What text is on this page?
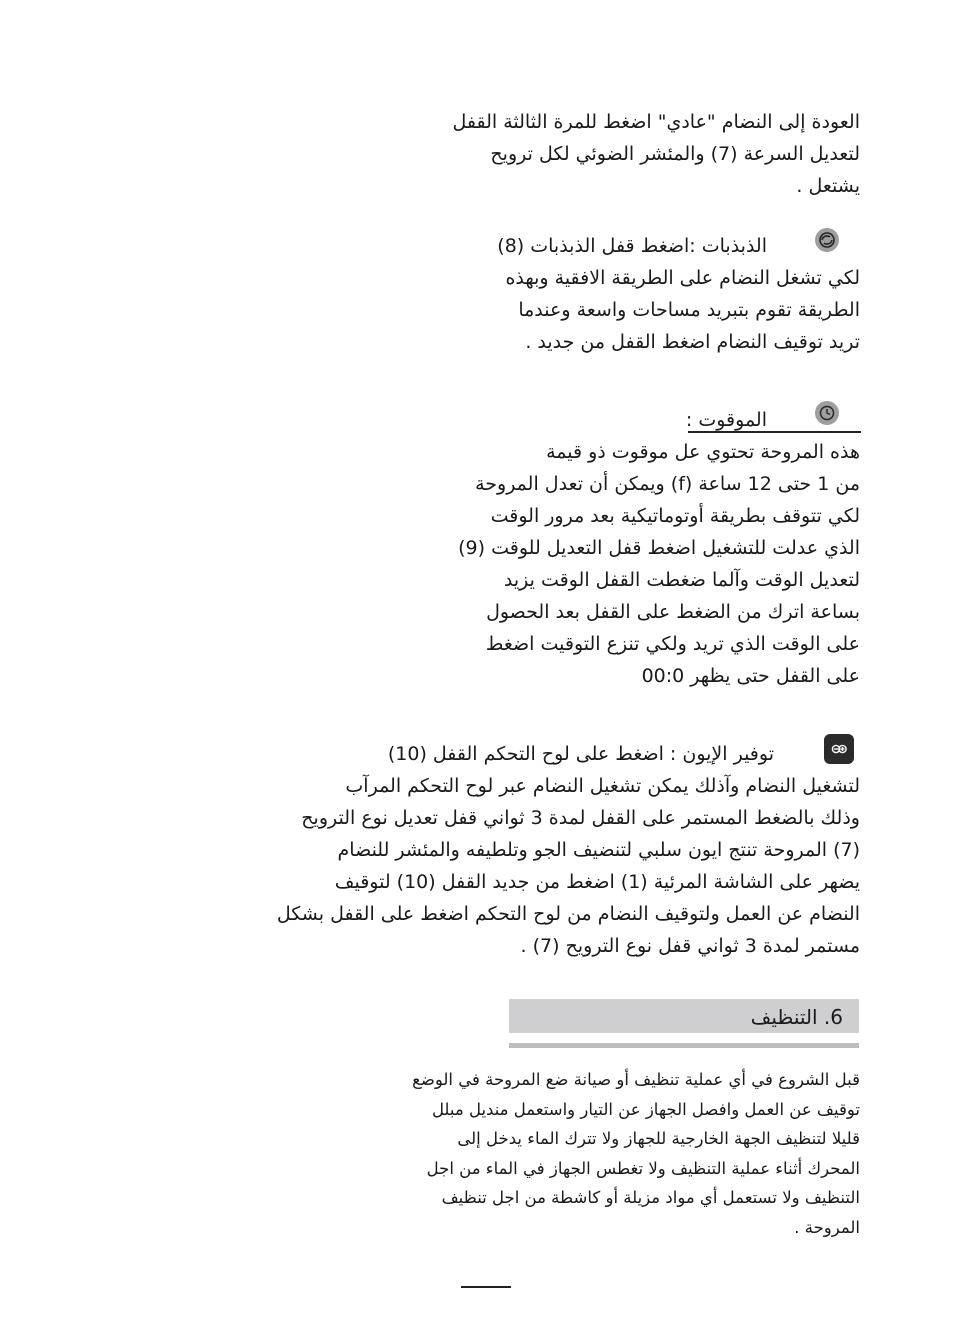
العودة إلى النضام "عادي" اضغط للمرة الثالثة القفل
لتعديل السرعة (7) والمئشر الضوئي لكل ترويح
يشتعل .
الذبذبات :اضغط قفل الذبذبات (8)
لكي تشغل النضام على الطريقة الافقية وبهذه
الطريقة تقوم بتبريد مساحات واسعة وعندما
تريد توقيف النضام اضغط القفل من جديد .
الموقوت :
هذه المروحة تحتوي عل موقوت ذو قيمة
من 1 حتى 12 ساعة (f) ويمكن أن تعدل المروحة
لكي تتوقف بطريقة أوتوماتيكية بعد مرور الوقت
الذي عدلت للتشغيل اضغط قفل التعديل للوقت (9)
لتعديل الوقت وآلما ضغطت القفل الوقت يزيد
بساعة اترك من الضغط على القفل بعد الحصول
على الوقت الذي تريد ولكي تنزع التوقيت اضغط
على القفل حتى يظهر 00:0
توفير الإيون : اضغط على لوح التحكم القفل (10)
لتشغيل النضام وآذلك يمكن تشغيل النضام عبر لوح التحكم المرآب
وذلك بالضغط المستمر على القفل لمدة 3 ثواني قفل تعديل نوع الترويح
(7) المروحة تنتج ايون سلبي لتنضيف الجو وتلطيفه والمئشر للنضام
يضهر على الشاشة المرئية (1) اضغط من جديد القفل (10) لتوقيف
النضام عن العمل ولتوقيف النضام من لوح التحكم اضغط على القفل بشكل
مستمر لمدة 3 ثواني قفل نوع الترويح (7) .
6. التنظيف
قبل الشروع في أي عملية تنظيف أو صيانة ضع المروحة في الوضع
توقيف عن العمل وافصل الجهاز عن التيار واستعمل منديل مبلل
قليلا لتنظيف الجهة الخارجية للجهاز ولا تترك الماء يدخل إلى
المحرك أثناء عملية التنظيف ولا تغطس الجهاز في الماء من اجل
التنظيف ولا تستعمل أي مواد مزيلة أو كاشطة من اجل تنظيف
المروحة .
